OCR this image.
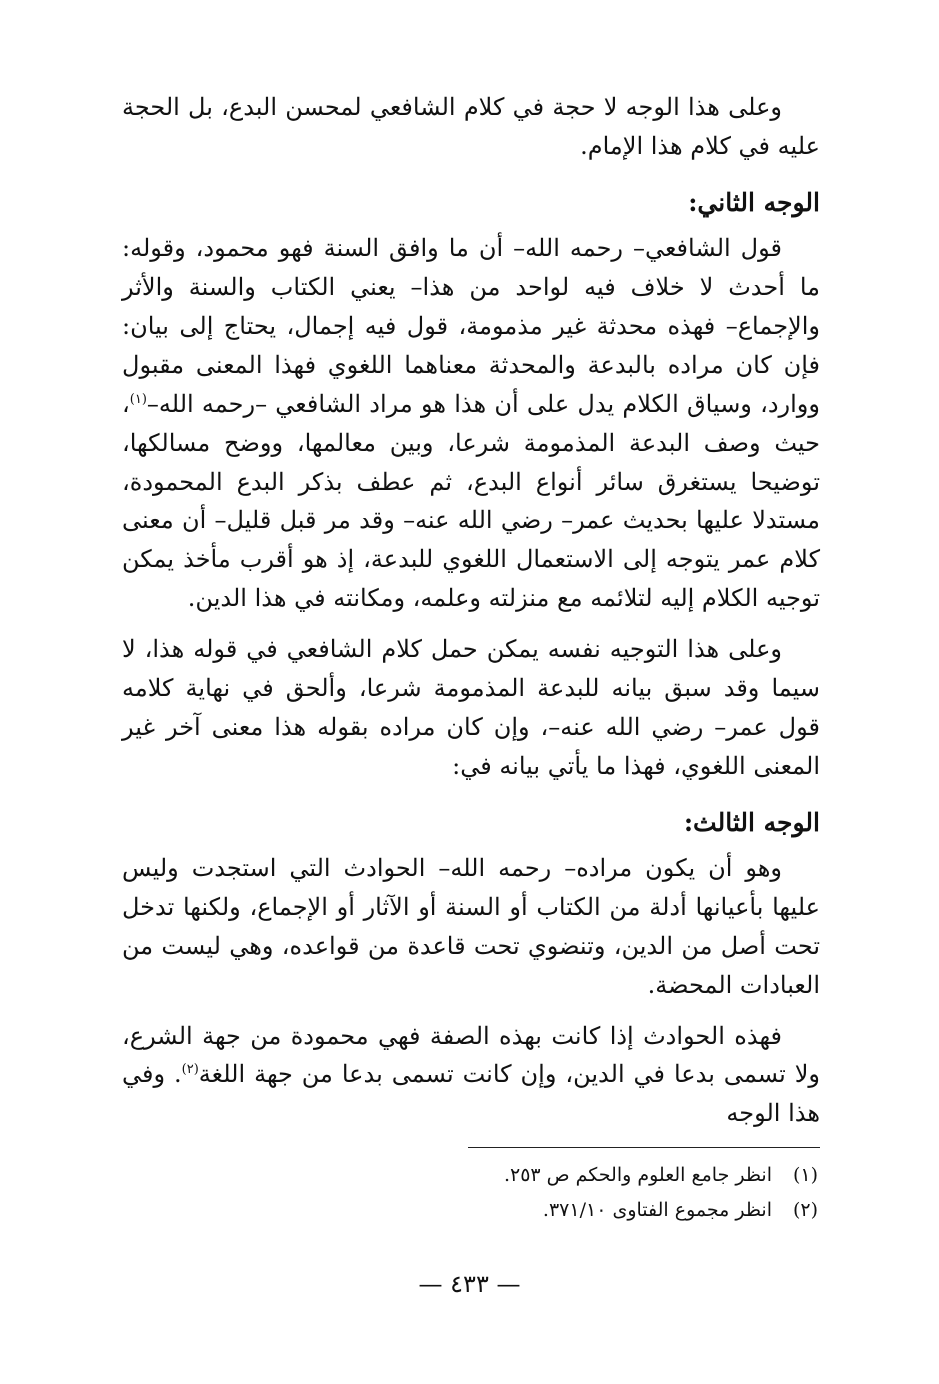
وعلى هذا الوجه لا حجة في كلام الشافعي لمحسن البدع، بل الحجة عليه في كلام هذا الإمام.

الوجه الثاني:

قول الشافعي– رحمه الله– أن ما وافق السنة فهو محمود، وقوله: ما أحدث لا خلاف فيه لواحد من هذا– يعني الكتاب والسنة والأثر والإجماع– فهذه محدثة غير مذمومة، قول فيه إجمال، يحتاج إلى بيان: فإن كان مراده بالبدعة والمحدثة معناهما اللغوي فهذا المعنى مقبول ووارد، وسياق الكلام يدل على أن هذا هو مراد الشافعي –رحمه الله–$^{(١)}$، حيث وصف البدعة المذمومة شرعا، وبين معالمها، ووضح مسالكها، توضيحا يستغرق سائر أنواع البدع، ثم عطف بذكر البدع المحمودة، مستدلا عليها بحديث عمر– رضي الله عنه– وقد مر قبل قليل– أن معنى كلام عمر يتوجه إلى الاستعمال اللغوي للبدعة، إذ هو أقرب مأخذ يمكن توجيه الكلام إليه لتلائمه مع منزلته وعلمه، ومكانته في هذا الدين.

وعلى هذا التوجيه نفسه يمكن حمل كلام الشافعي في قوله هذا، لا سيما وقد سبق بيانه للبدعة المذمومة شرعا، وألحق في نهاية كلامه قول عمر– رضي الله عنه–، وإن كان مراده بقوله هذا معنى آخر غير المعنى اللغوي، فهذا ما يأتي بيانه في:

الوجه الثالث:

وهو أن يكون مراده– رحمه الله– الحوادث التي استجدت وليس عليها بأعيانها أدلة من الكتاب أو السنة أو الآثار أو الإجماع، ولكنها تدخل تحت أصل من الدين، وتنضوي تحت قاعدة من قواعده، وهي ليست من العبادات المحضة.

فهذه الحوادث إذا كانت بهذه الصفة فهي محمودة من جهة الشرع، ولا تسمى بدعا في الدين، وإن كانت تسمى بدعا من جهة اللغة$^{(٢)}$. وفي هذا الوجه

(١)انظر جامع العلوم والحكم ص ٢٥٣.

(٢)انظر مجموع الفتاوى ٣٧١/١٠.

— ٤٣٣ —
